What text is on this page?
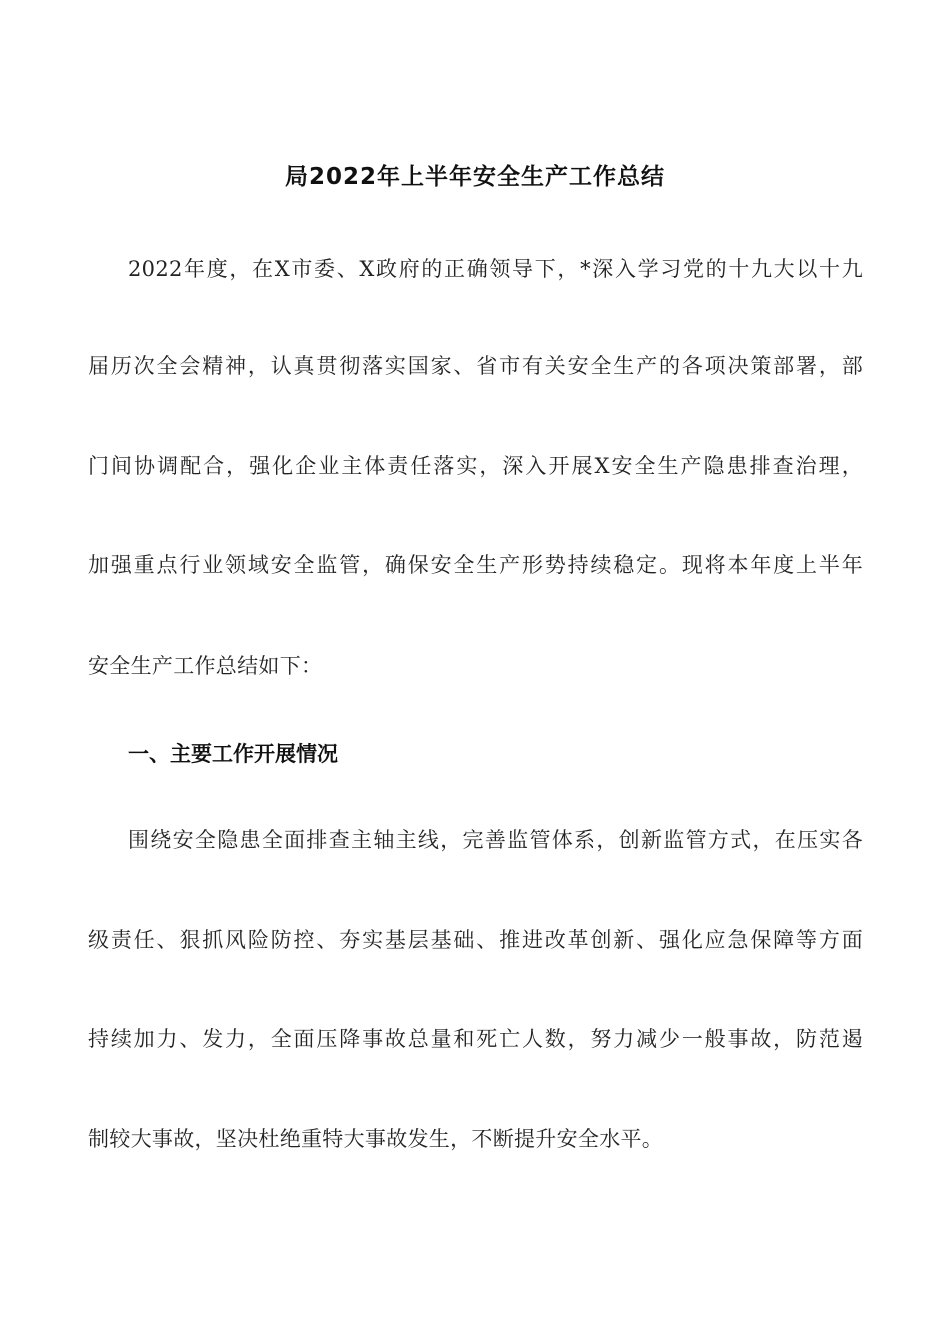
局2022年上半年安全生产工作总结
2022年度，在X市委、X政府的正确领导下，*深入学习党的十九大以十九
届历次全会精神，认真贯彻落实国家、省市有关安全生产的各项决策部署，部
门间协调配合，强化企业主体责任落实，深入开展X安全生产隐患排查治理，
加强重点行业领域安全监管，确保安全生产形势持续稳定。现将本年度上半年
安全生产工作总结如下：
一、主要工作开展情况
围绕安全隐患全面排查主轴主线，完善监管体系，创新监管方式，在压实各
级责任、狠抓风险防控、夯实基层基础、推进改革创新、强化应急保障等方面
持续加力、发力，全面压降事故总量和死亡人数，努力减少一般事故，防范遏
制较大事故，坚决杜绝重特大事故发生，不断提升安全水平。
